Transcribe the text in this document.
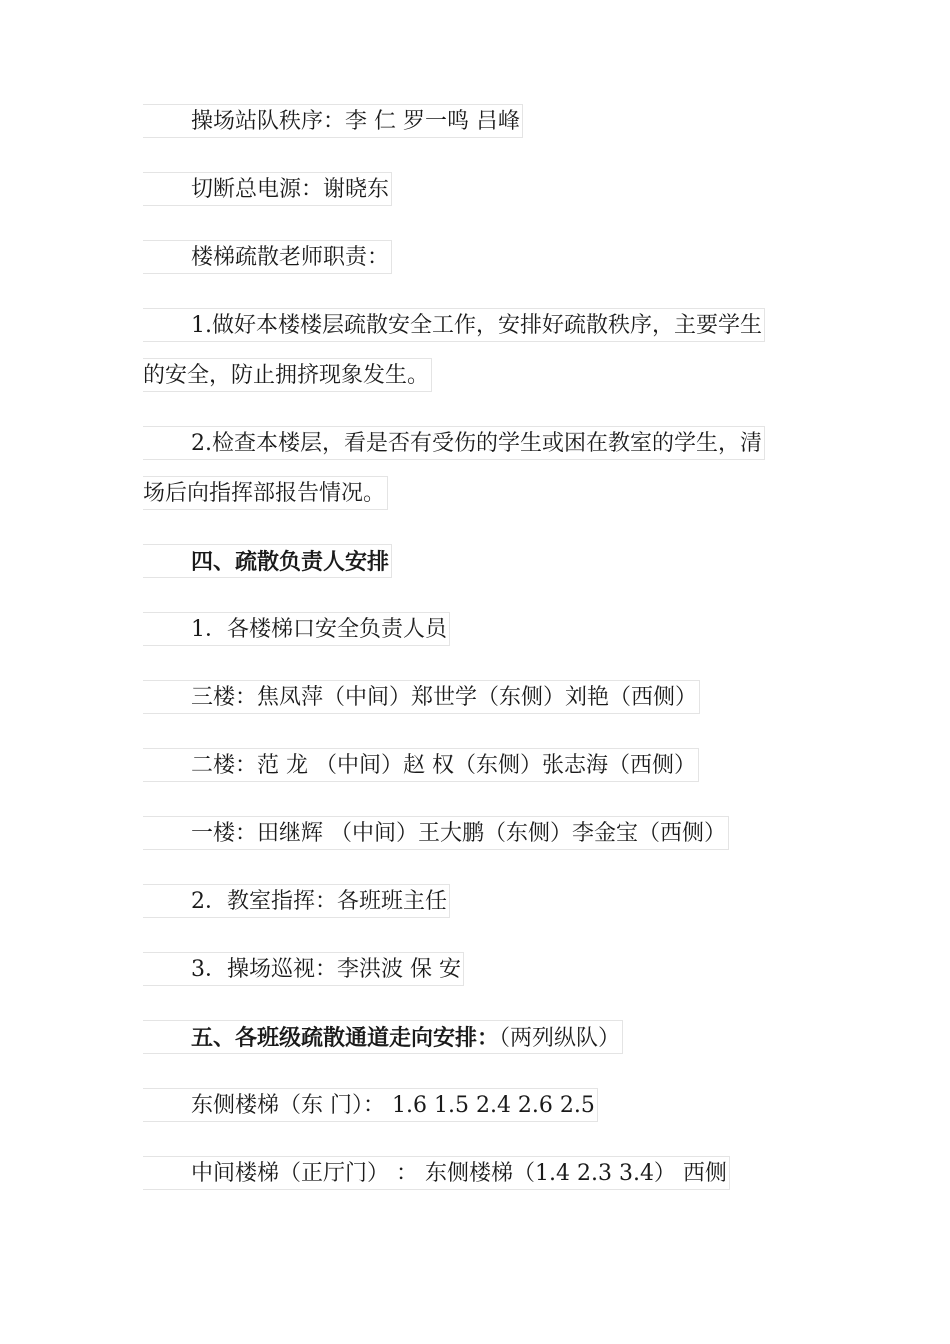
操场站队秩序：李 仁 罗一鸣 吕峰
切断总电源：谢晓东
楼梯疏散老师职责：
1.做好本楼楼层疏散安全工作，安排好疏散秩序，主要学生
的安全，防止拥挤现象发生。
2.检查本楼层，看是否有受伤的学生或困在教室的学生，清
场后向指挥部报告情况。
四、疏散负责人安排
1．各楼梯口安全负责人员
三楼：焦凤萍（中间）郑世学（东侧）刘艳（西侧）
二楼：范 龙 （中间）赵 权（东侧）张志海（西侧）
一楼：田继辉 （中间）王大鹏（东侧）李金宝（西侧）
2．教室指挥：各班班主任
3．操场巡视：李洪波 保 安
五、各班级疏散通道走向安排：（两列纵队）
东侧楼梯（东 门）： 1.6 1.5 2.4 2.6 2.5
中间楼梯（正厅门） ： 东侧楼梯（1.4 2.3 3.4） 西侧
